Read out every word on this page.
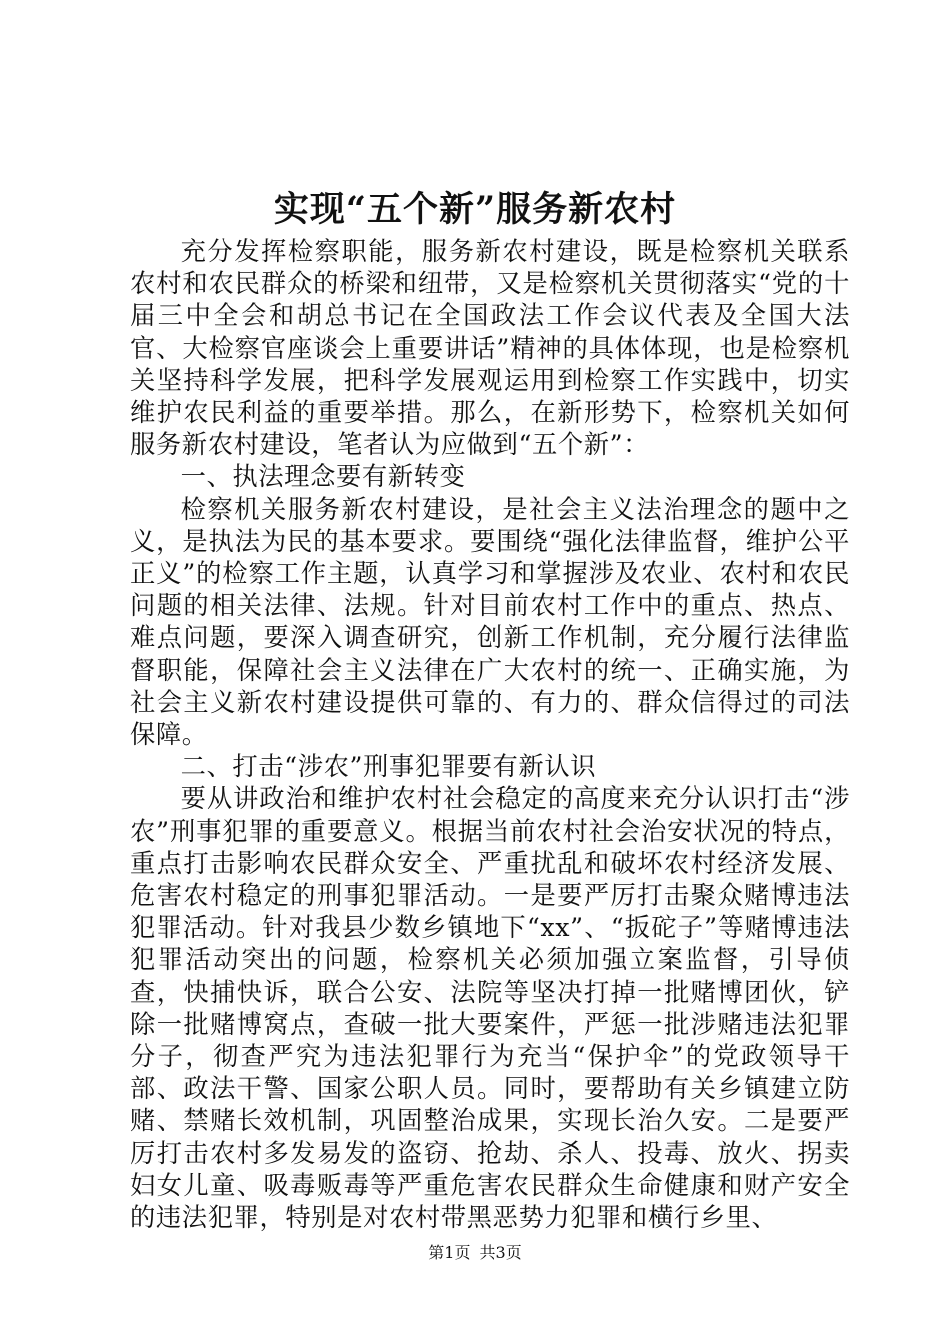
实现“五个新”服务新农村

充分发挥检察职能，服务新农村建设，既是检察机关联系农村和农民群众的桥梁和纽带，又是检察机关贯彻落实“党的十届三中全会和胡总书记在全国政法工作会议代表及全国大法官、大检察官座谈会上重要讲话”精神的具体体现，也是检察机关坚持科学发展，把科学发展观运用到检察工作实践中，切实维护农民利益的重要举措。那么，在新形势下，检察机关如何服务新农村建设，笔者认为应做到“五个新”：

一、执法理念要有新转变

检察机关服务新农村建设，是社会主义法治理念的题中之义，是执法为民的基本要求。要围绕“强化法律监督，维护公平正义”的检察工作主题，认真学习和掌握涉及农业、农村和农民问题的相关法律、法规。针对目前农村工作中的重点、热点、难点问题，要深入调查研究，创新工作机制，充分履行法律监督职能，保障社会主义法律在广大农村的统一、正确实施，为社会主义新农村建设提供可靠的、有力的、群众信得过的司法保障。

二、打击“涉农”刑事犯罪要有新认识

要从讲政治和维护农村社会稳定的高度来充分认识打击“涉农”刑事犯罪的重要意义。根据当前农村社会治安状况的特点，重点打击影响农民群众安全、严重扰乱和破坏农村经济发展、危害农村稳定的刑事犯罪活动。一是要严厉打击聚众赌博违法犯罪活动。针对我县少数乡镇地下“xx”、“扳砣子”等赌博违法犯罪活动突出的问题，检察机关必须加强立案监督，引导侦查，快捕快诉，联合公安、法院等坚决打掉一批赌博团伙，铲除一批赌博窝点，查破一批大要案件，严惩一批涉赌违法犯罪分子，彻查严究为违法犯罪行为充当“保护伞”的党政领导干部、政法干警、国家公职人员。同时，要帮助有关乡镇建立防赌、禁赌长效机制，巩固整治成果，实现长治久安。二是要严厉打击农村多发易发的盗窃、抢劫、杀人、投毒、放火、拐卖妇女儿童、吸毒贩毒等严重危害农民群众生命健康和财产安全的违法犯罪，特别是对农村带黑恶势力犯罪和横行乡里、

第1页 共3页
